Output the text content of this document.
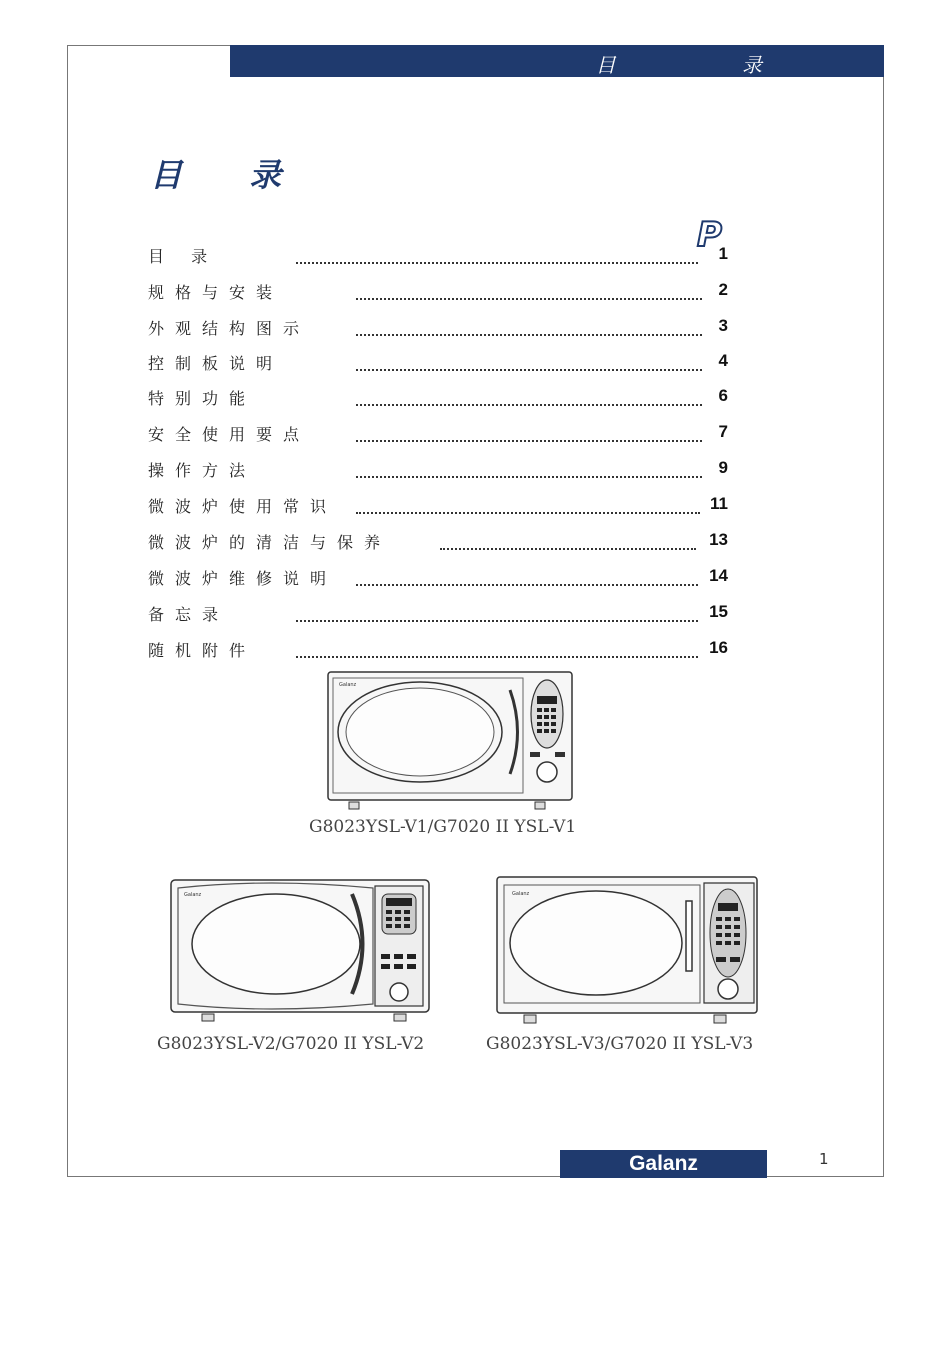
目 录
目 录
P
目 录	1
规格与安装	2
外观结构图示	3
控制板说明	4
特别功能	6
安全使用要点	7
操作方法	9
微波炉使用常识	11
微波炉的清洁与保养	13
微波炉维修说明	14
备忘录	15
随机附件	16
Galanz
G8023YSL-V1/G7020 II YSL-V1
Galanz
G8023YSL-V2/G7020 II YSL-V2
Galanz
G8023YSL-V3/G7020 II YSL-V3
Galanz	1
